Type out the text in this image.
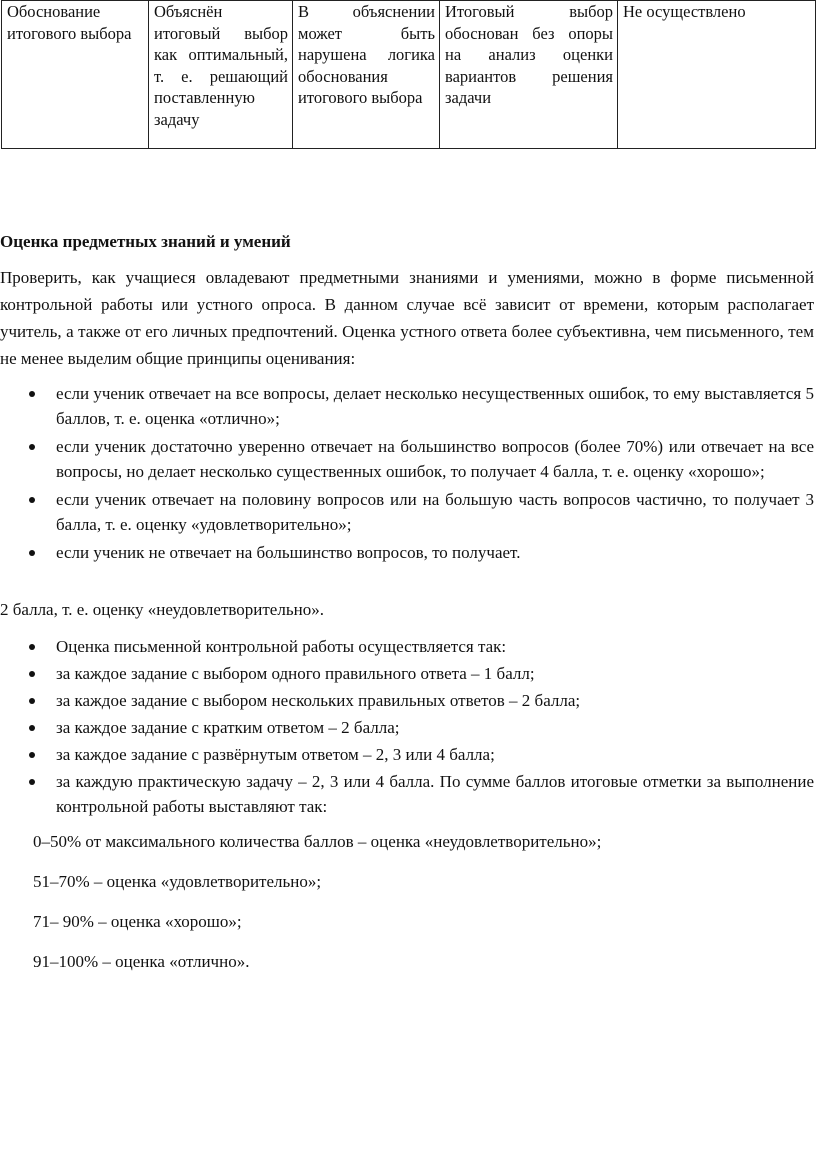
Обоснование итогового выбора	Объяснён итоговый выбор как оптимальный, т. е. решающий поставленную задачу	В объяснении может быть нарушена логика обоснования итогового выбора	Итоговый выбор обоснован без опоры на анализ оценки вариантов решения задачи	Не осуществлено
Оценка предметных знаний и умений
Проверить, как учащиеся овладевают предметными знаниями и умениями, можно в форме письменной контрольной работы или устного опроса. В данном случае всё зависит от времени, которым располагает учитель, а также от его личных предпочтений. Оценка устного ответа более субъективна, чем письменного, тем не менее выделим общие принципы оценивания:
если ученик отвечает на все вопросы, делает несколько несущественных ошибок, то ему выставляется 5 баллов, т. е. оценка «отлично»;
если ученик достаточно уверенно отвечает на большинство вопросов (более 70%) или отвечает на все вопросы, но делает несколько существенных ошибок, то получает 4 балла, т. е. оценку «хорошо»;
если ученик отвечает на половину вопросов или на большую часть вопросов частично, то получает 3 балла, т. е. оценку «удовлетворительно»;
если ученик не отвечает на большинство вопросов, то получает.
2 балла, т. е. оценку «неудовлетворительно».
Оценка письменной контрольной работы осуществляется так:
за каждое задание с выбором одного правильного ответа – 1 балл;
за каждое задание с выбором нескольких правильных ответов – 2 балла;
за каждое задание с кратким ответом – 2 балла;
за каждое задание с развёрнутым ответом – 2, 3 или 4 балла;
за каждую практическую задачу – 2, 3 или 4 балла. По сумме баллов итоговые отметки за выполнение контрольной работы выставляют так:
0–50% от максимального количества баллов – оценка «неудовлетворительно»;
51–70% – оценка «удовлетворительно»;
71– 90% – оценка «хорошо»;
91–100% – оценка «отлично».
